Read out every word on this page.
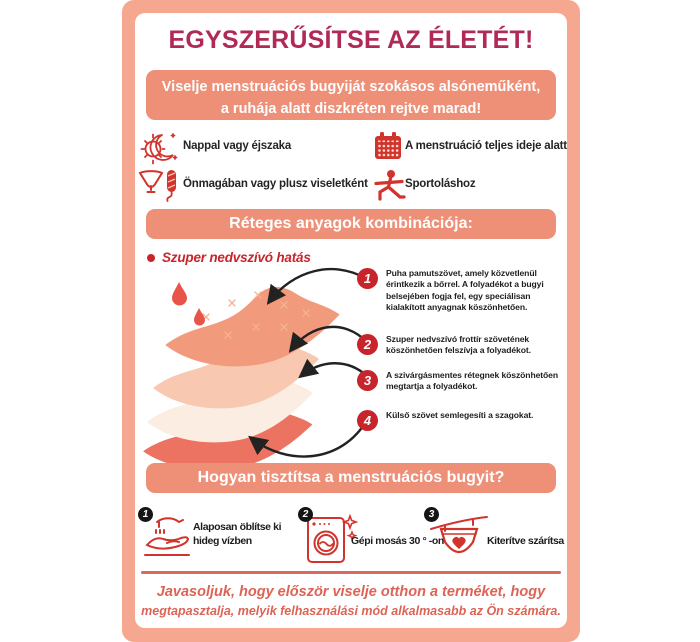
EGYSZERŰSÍTSE AZ ÉLETÉT!
Viselje menstruációs bugyiját szokásos alsóneműként,
a ruhája alatt diszkréten rejtve marad!
Nappal vagy éjszaka	A menstruáció teljes ideje alatt
Önmagában vagy plusz viseletként	Sportoláshoz
Réteges anyagok kombinációja:
Szuper nedvszívó hatás
1	Puha pamutszövet, amely közvetlenül érintkezik a bőrrel. A folyadékot a bugyi belsejében fogja fel, egy speciálisan kialakított anyagnak köszönhetően.
2	Szuper nedvszívó frottír szövetének köszönhetően felszívja a folyadékot.
3	A szivárgásmentes rétegnek köszönhetően megtartja a folyadékot.
4	Külső szövet semlegesíti a szagokat.
Hogyan tisztítsa a menstruációs bugyit?
1
Alaposan öblítse ki hideg vízben
2
Gépi mosás 30 ° -on
3
Kiterítve szárítsa
Javasoljuk, hogy először viselje otthon a terméket, hogy
megtapasztalja, melyik felhasználási mód alkalmasabb az Ön számára.
